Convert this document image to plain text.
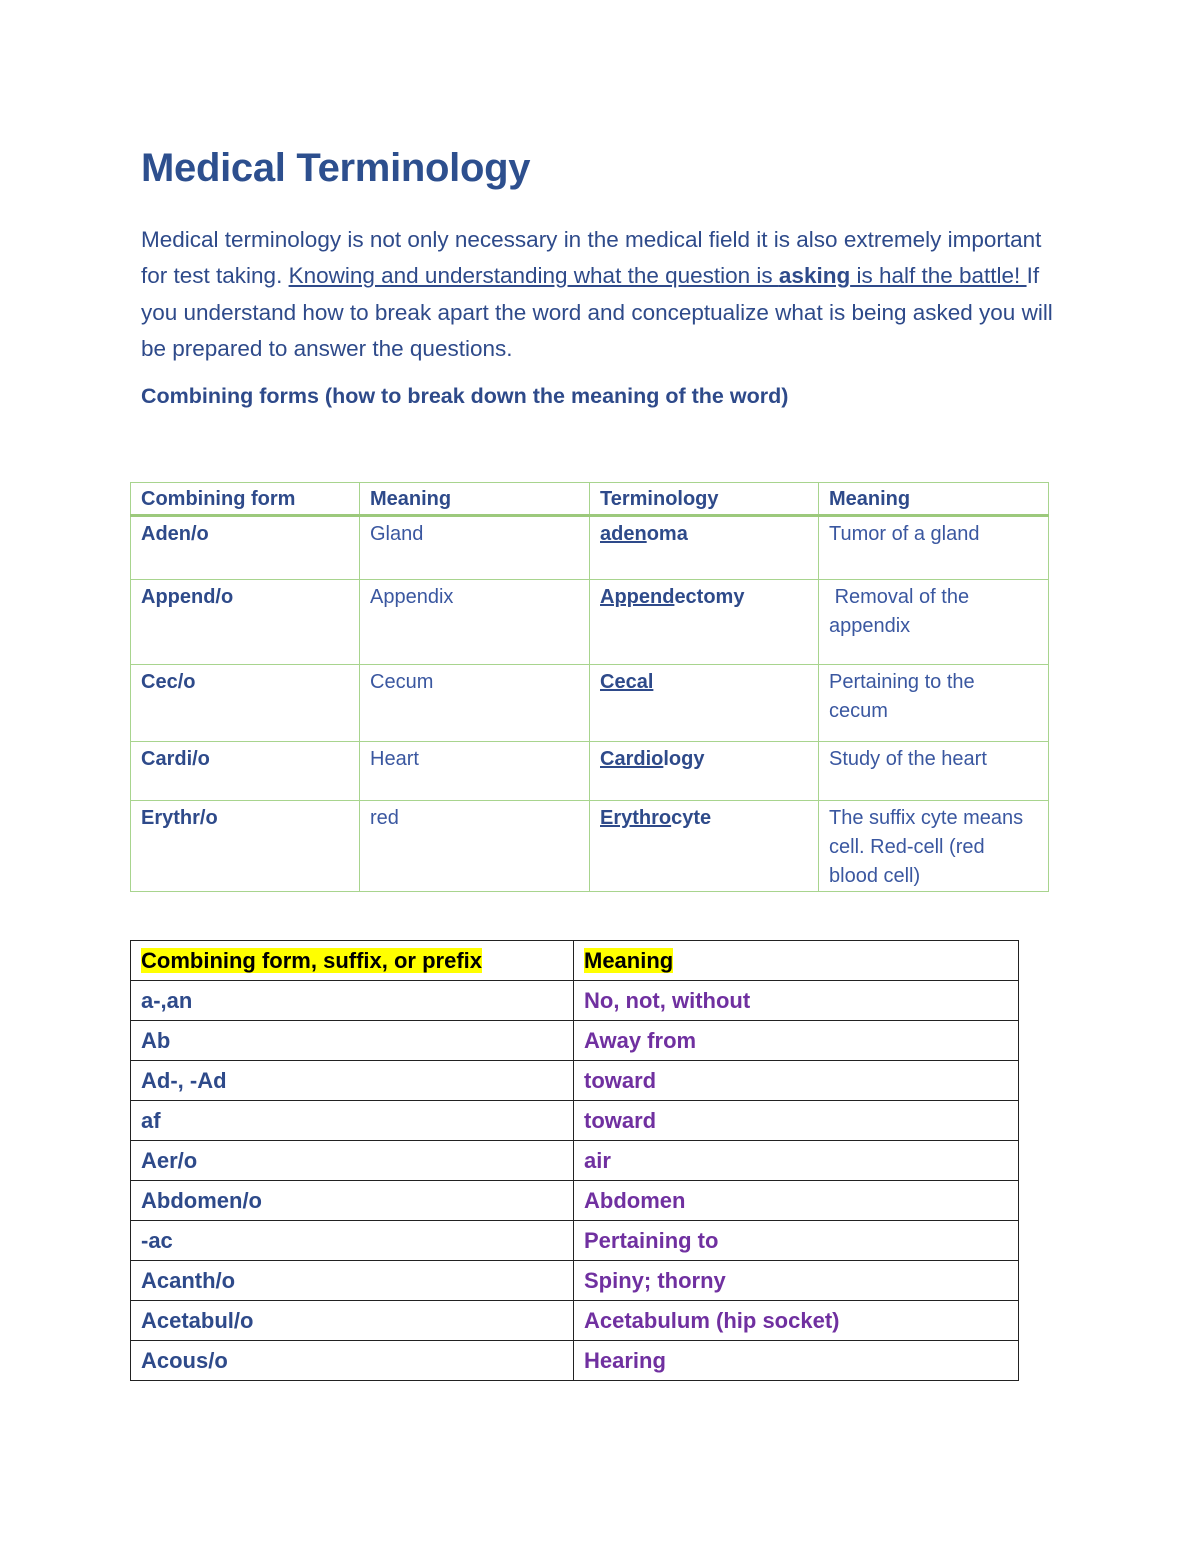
Medical Terminology

Medical terminology is not only necessary in the medical field it is also extremely important for test taking. Knowing and understanding what the question is asking is half the battle! If you understand how to break apart the word and conceptualize what is being asked you will be prepared to answer the questions.

Combining forms (how to break down the meaning of the word)

Combining form	Meaning	Terminology	Meaning
Aden/o	Gland	adenoma	Tumor of a gland
Append/o	Appendix	Appendectomy	Removal of the appendix
Cec/o	Cecum	Cecal	Pertaining to the cecum
Cardi/o	Heart	Cardiology	Study of the heart
Erythr/o	red	Erythrocyte	The suffix cyte means cell. Red-cell (red blood cell)
Combining form, suffix, or prefix	Meaning
a-,an	No, not, without
Ab	Away from
Ad-, -Ad	toward
af	toward
Aer/o	air
Abdomen/o	Abdomen
-ac	Pertaining to
Acanth/o	Spiny; thorny
Acetabul/o	Acetabulum (hip socket)
Acous/o	Hearing
